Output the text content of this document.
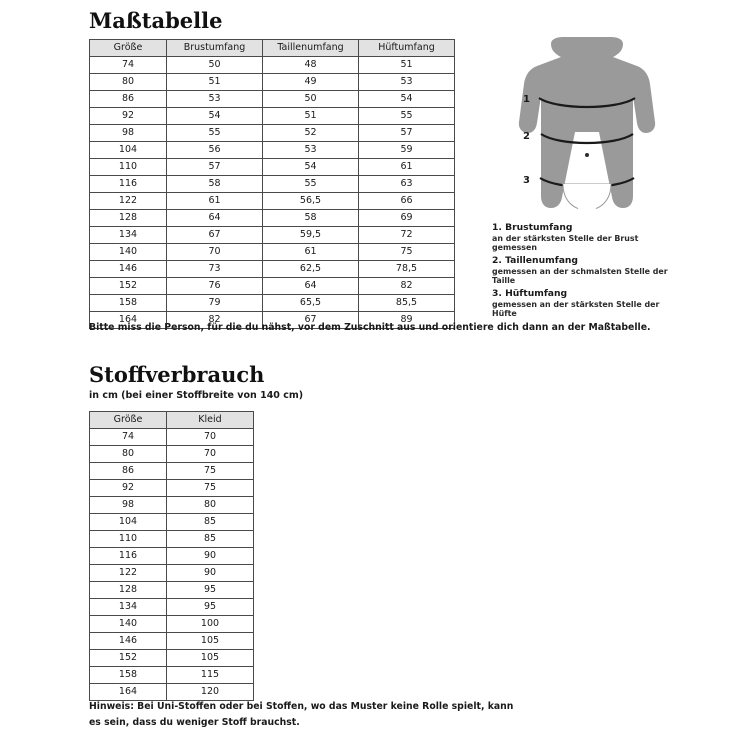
Maßtabelle
Größe	Brustumfang	Taillenumfang	Hüftumfang
74	50	48	51
80	51	49	53
86	53	50	54
92	54	51	55
98	55	52	57
104	56	53	59
110	57	54	61
116	58	55	63
122	61	56,5	66
128	64	58	69
134	67	59,5	72
140	70	61	75
146	73	62,5	78,5
152	76	64	82
158	79	65,5	85,5
164	82	67	89
Bitte miss die Person, für die du nähst, vor dem Zuschnitt aus und orientiere dich dann an der Maßtabelle.
1
2
3
1. Brustumfang
an der stärksten Stelle der Brust gemessen
2. Taillenumfang
gemessen an der schmalsten Stelle der Taille
3. Hüftumfang
gemessen an der stärksten Stelle der Hüfte
Stoffverbrauch
in cm (bei einer Stoffbreite von 140 cm)
Größe	Kleid
74	70
80	70
86	75
92	75
98	80
104	85
110	85
116	90
122	90
128	95
134	95
140	100
146	105
152	105
158	115
164	120
Hinweis: Bei Uni-Stoffen oder bei Stoffen, wo das Muster keine Rolle spielt, kann
es sein, dass du weniger Stoff brauchst.
